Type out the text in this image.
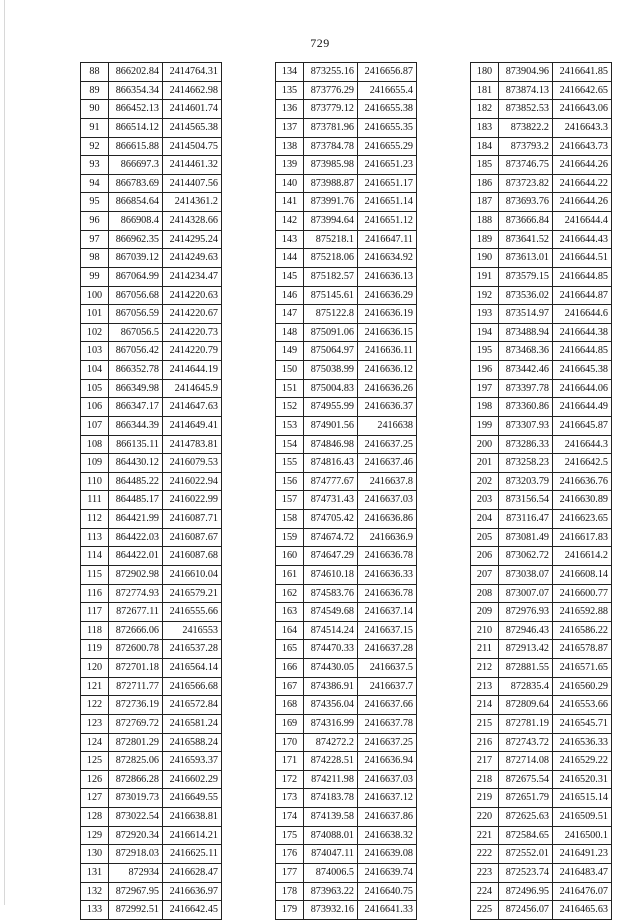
729
88	866202.84	2414764.31
89	866354.34	2414662.98
90	866452.13	2414601.74
91	866514.12	2414565.38
92	866615.88	2414504.75
93	866697.3	2414461.32
94	866783.69	2414407.56
95	866854.64	2414361.2
96	866908.4	2414328.66
97	866962.35	2414295.24
98	867039.12	2414249.63
99	867064.99	2414234.47
100	867056.68	2414220.63
101	867056.59	2414220.67
102	867056.5	2414220.73
103	867056.42	2414220.79
104	866352.78	2414644.19
105	866349.98	2414645.9
106	866347.17	2414647.63
107	866344.39	2414649.41
108	866135.11	2414783.81
109	864430.12	2416079.53
110	864485.22	2416022.94
111	864485.17	2416022.99
112	864421.99	2416087.71
113	864422.03	2416087.67
114	864422.01	2416087.68
115	872902.98	2416610.04
116	872774.93	2416579.21
117	872677.11	2416555.66
118	872666.06	2416553
119	872600.78	2416537.28
120	872701.18	2416564.14
121	872711.77	2416566.68
122	872736.19	2416572.84
123	872769.72	2416581.24
124	872801.29	2416588.24
125	872825.06	2416593.37
126	872866.28	2416602.29
127	873019.73	2416649.55
128	873022.54	2416638.81
129	872920.34	2416614.21
130	872918.03	2416625.11
131	872934	2416628.47
132	872967.95	2416636.97
133	872992.51	2416642.45
134	873255.16	2416656.87
135	873776.29	2416655.4
136	873779.12	2416655.38
137	873781.96	2416655.35
138	873784.78	2416655.29
139	873985.98	2416651.23
140	873988.87	2416651.17
141	873991.76	2416651.14
142	873994.64	2416651.12
143	875218.1	2416647.11
144	875218.06	2416634.92
145	875182.57	2416636.13
146	875145.61	2416636.29
147	875122.8	2416636.19
148	875091.06	2416636.15
149	875064.97	2416636.11
150	875038.99	2416636.12
151	875004.83	2416636.26
152	874955.99	2416636.37
153	874901.56	2416638
154	874846.98	2416637.25
155	874816.43	2416637.46
156	874777.67	2416637.8
157	874731.43	2416637.03
158	874705.42	2416636.86
159	874674.72	2416636.9
160	874647.29	2416636.78
161	874610.18	2416636.33
162	874583.76	2416636.78
163	874549.68	2416637.14
164	874514.24	2416637.15
165	874470.33	2416637.28
166	874430.05	2416637.5
167	874386.91	2416637.7
168	874356.04	2416637.66
169	874316.99	2416637.78
170	874272.2	2416637.25
171	874228.51	2416636.94
172	874211.98	2416637.03
173	874183.78	2416637.12
174	874139.58	2416637.86
175	874088.01	2416638.32
176	874047.11	2416639.08
177	874006.5	2416639.74
178	873963.22	2416640.75
179	873932.16	2416641.33
180	873904.96	2416641.85
181	873874.13	2416642.65
182	873852.53	2416643.06
183	873822.2	2416643.3
184	873793.2	2416643.73
185	873746.75	2416644.26
186	873723.82	2416644.22
187	873693.76	2416644.26
188	873666.84	2416644.4
189	873641.52	2416644.43
190	873613.01	2416644.51
191	873579.15	2416644.85
192	873536.02	2416644.87
193	873514.97	2416644.6
194	873488.94	2416644.38
195	873468.36	2416644.85
196	873442.46	2416645.38
197	873397.78	2416644.06
198	873360.86	2416644.49
199	873307.93	2416645.87
200	873286.33	2416644.3
201	873258.23	2416642.5
202	873203.79	2416636.76
203	873156.54	2416630.89
204	873116.47	2416623.65
205	873081.49	2416617.83
206	873062.72	2416614.2
207	873038.07	2416608.14
208	873007.07	2416600.77
209	872976.93	2416592.88
210	872946.43	2416586.22
211	872913.42	2416578.87
212	872881.55	2416571.65
213	872835.4	2416560.29
214	872809.64	2416553.66
215	872781.19	2416545.71
216	872743.72	2416536.33
217	872714.08	2416529.22
218	872675.54	2416520.31
219	872651.79	2416515.14
220	872625.63	2416509.51
221	872584.65	2416500.1
222	872552.01	2416491.23
223	872523.74	2416483.47
224	872496.95	2416476.07
225	872456.07	2416465.63
